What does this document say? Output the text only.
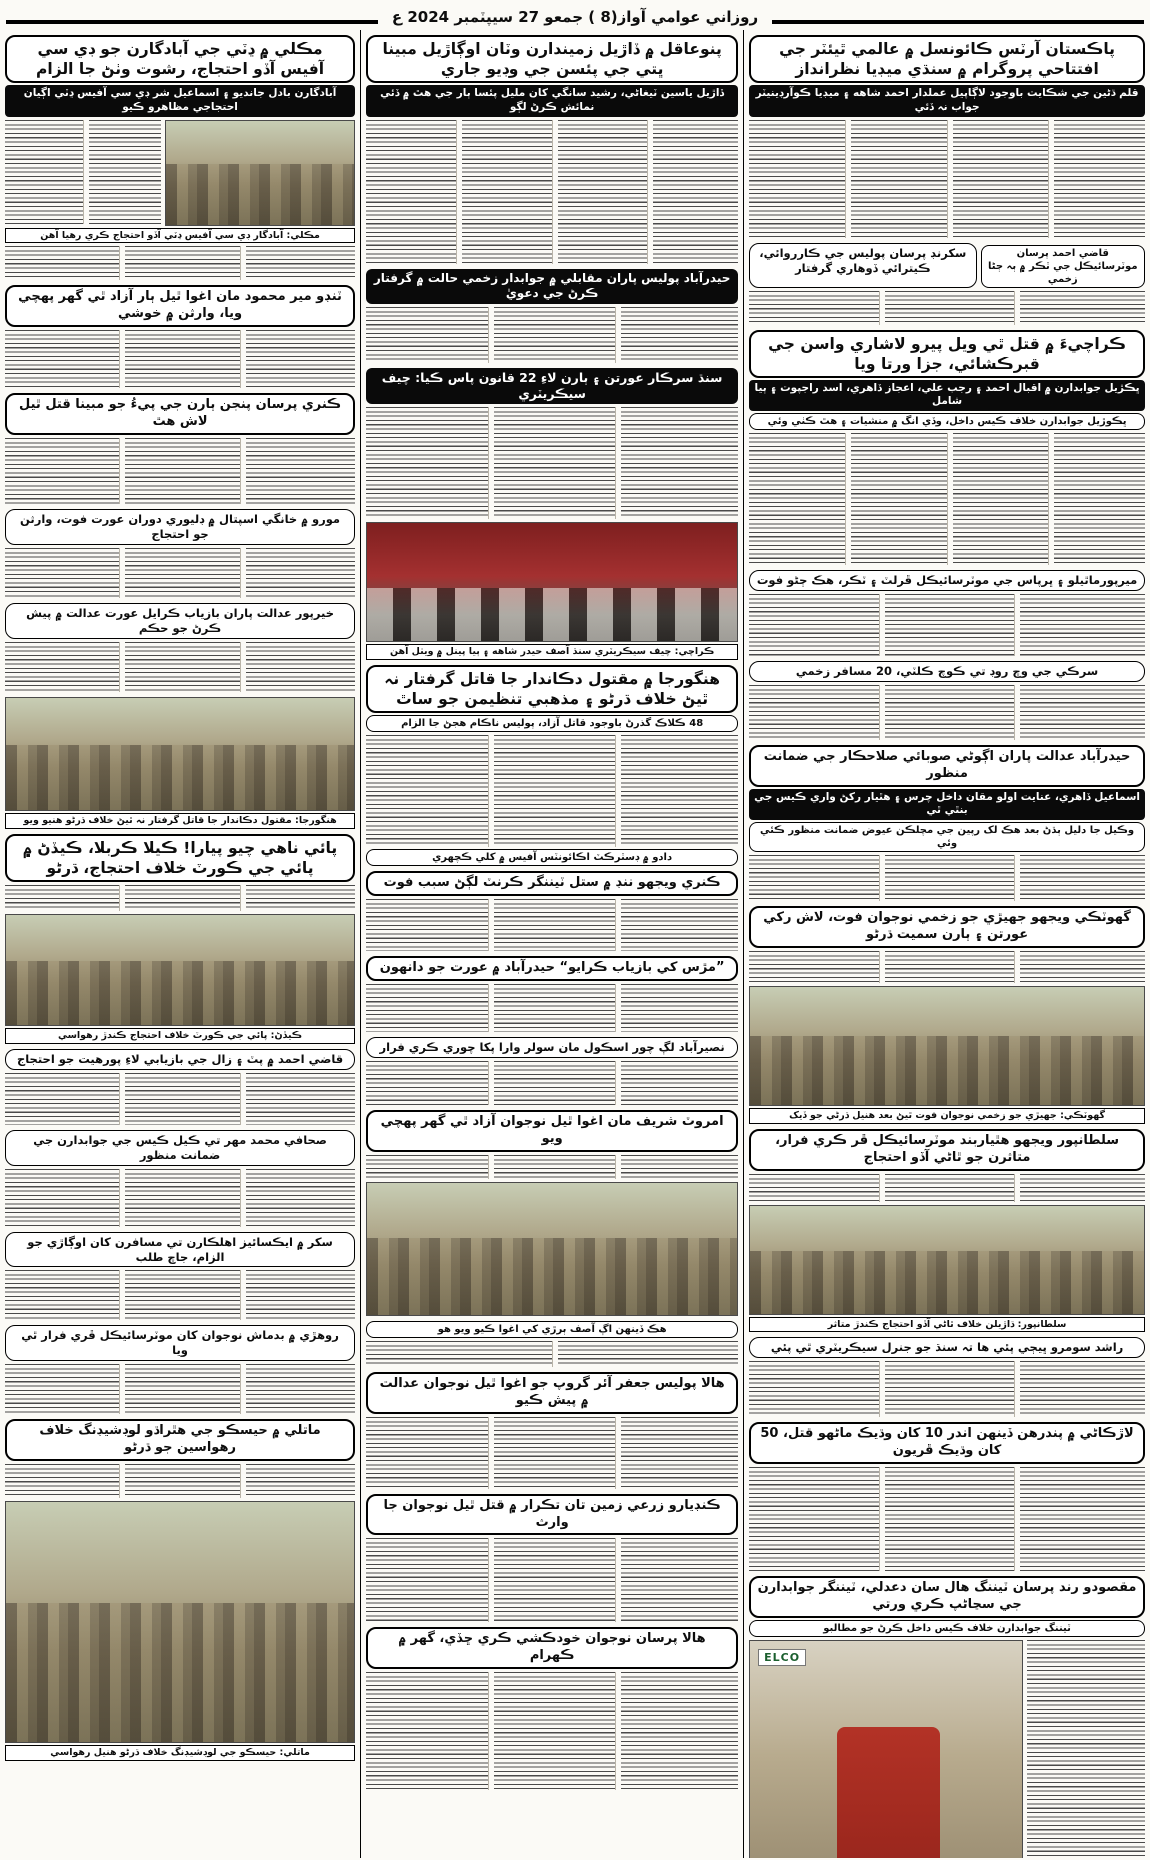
روزاني عوامي آواز(8 ) جمعو 27 سيپٽمبر 2024 ع
پاڪستان آرٽس ڪائونسل ۾ عالمي ٿيئٽر جي افتتاحي پروگرام ۾ سنڌي ميڊيا نظرانداز
قلم ڌڻين جي شڪايت باوجود لاڳاپيل عملدار احمد شاهه ۽ ميڊيا ڪوآرڊينيٽر جواب نہ ڏئي
قاضي احمد پرسان موٽرسائيڪل جي ٽڪر ۾ ٻہ ڄڻا زخمي
سکرنڊ پرسان پوليس جي ڪارروائي، ڪيترائي ڏوهاري گرفتار
ڪراچيءَ ۾ قتل ٿي ويل پيرو لاشاري واسن جي قبرڪشائي، جزا ورتا ويا
ڀڪڙيل جوابدارن ۾ اقبال احمد ۽ رجب علي، اعجاز ڏاهري، اسد راجپوت ۽ ٻيا شامل
ڀڪوڙيل جوابدارن خلاف ڪيس داخل، وڏي انگ ۾ منشيات ۽ هٿ ڪٺي وئي
ميرپورماٿيلو ۽ ڀرپاس جي موٽرسائيڪل ڦرلٽ ۽ ٽڪر، هڪ ڄڻو فوت
سرڪي جي وچ روڊ تي ڪوچ ڪلٽي، 20 مسافر زخمي
حيدرآباد عدالت پاران اڳوڻي صوبائي صلاحڪار جي ضمانت منظور
اسماعيل ڏاهري، عنايت اولو مقان داخل چرس ۽ هٿيار رکڻ واري ڪيس جي بنٿي ٿي
وڪيل جا دليل ٻڌڻ بعد هڪ لک رپين جي مچلڪن عيوض ضمانت منظور ڪئي وئي
گهوٽڪي ويجهو جهيڙي جو زخمي نوجوان فوت، لاش رکي عورتن ۽ ٻارن سميت ڌرڻو
گهوٽڪي: جهيڙي جو زخمي نوجوان فوت ٿيڻ بعد هنيل ڌرڻي جو ڏيک
سلطانپور ويجهو هٿياربند موٽرسائيڪل ڦر ڪري فرار، متاثرن جو ٿاڻي آڏو احتجاج
سلطانپور: ڌاڙيلن خلاف ٿاڻي آڏو احتجاج ڪندڙ متاثر
راشد سومرو ڀيڄي پئي ها تہ سنڌ جو جنرل سيڪريٽري ٿي پئي
لاڙڪاڻي ۾ پندرهن ڏينهن اندر 10 کان وڌيڪ ماڻهو قتل، 50 کان وڌيڪ ڦريون
مقصودو رند پرسان ٽيننگ هال سان دعدلي، ٽيننگر جوابدارن جي سڃاڻپ ڪري ورتي
ٽيننگ جوابدارن خلاف ڪيس داخل ڪرڻ جو مطالبو
ELCO
پنوعاقل ۾ ڏاڙيل زميندارن وٽان اوڳاڙيل مبينا ڀتي جي پئسن جي وڊيو جاري
ڏاڙيل ياسين ٽيغاڻي، رشيد سانگي کان مليل پئسا ٻار جي هٿ ۾ ڏئي نمائش ڪرڻ لڳو
حيدرآباد پوليس پاران مقابلي ۾ جوابدار زخمي حالت ۾ گرفتار ڪرڻ جي دعويٰ
سنڌ سرڪار عورتن ۽ ٻارن لاءِ 22 قانون پاس ڪيا: چيف سيڪريٽري
ڪراچي: چيف سيڪريٽري سنڌ آصف حيدر شاهه ۽ ٻيا پينل ۾ ويٺل آهن
هنگورجا ۾ مقتول دڪاندار جا قاتل گرفتار نہ ٿيڻ خلاف ڌرڻو ۽ مذهبي تنظيمن جو ساٿ
48 ڪلاڪ گذرڻ باوجود قاتل آزاد، پوليس ناڪام هجڻ جا الزام
دادو ۾ ڊسٽرڪٽ اڪائونٽس آفيس ۾ کلي ڪچهري
ڪنري ويجهو ننڊ ۾ ستل ٽيننگر ڪرنٽ لڳڻ سبب فوت
”مڙس کي بازياب ڪرايو“ حيدرآباد ۾ عورت جو دانهون
نصيرآباد لڳ چور اسڪول مان سولر وارا پکا چوري ڪري فرار
امروٽ شريف مان اغوا ٿيل نوجوان آزاد ٿي گهر پهچي ويو
هڪ ڏينهن اڳ آصف ٻرڙي کي اغوا ڪيو ويو هو
هالا پوليس جعفر آئر گروپ جو اغوا ٿيل نوجوان عدالت ۾ پيش ڪيو
ڪنڊيارو زرعي زمين تان تڪرار ۾ قتل ٿيل نوجوان جا وارث
هالا پرسان نوجوان خودڪشي ڪري ڇڏي، گهر ۾ ڪهرام
مڪلي ۾ ڍٽي جي آبادگارن جو ڊي سي آفيس آڏو احتجاج، رشوت وٺڻ جا الزام
آبادگارن بادل جانديو ۽ اسماعيل شر ڊي سي آفيس ڍٽي اڳيان احتجاجي مظاهرو ڪيو
مڪلي: آبادگار ڊي سي آفيس ڍٽي آڏو احتجاج ڪري رهيا آهن
ٽنڊو مير محمود مان اغوا ٿيل ٻار آزاد ٿي گهر پهچي ويا، وارثن ۾ خوشي
ڪنري پرسان پنجن ٻارن جي پيءُ جو مبينا قتل ٿيل لاش هٿ
مورو ۾ خانگي اسپتال ۾ ڊليوري دوران عورت فوت، وارثن جو احتجاج
خيرپور عدالت پاران بازياب ڪرايل عورت عدالت ۾ پيش ڪرڻ جو حڪم
هنگورجا: مقتول دڪاندار جا قاتل گرفتار نہ ٿيڻ خلاف ڌرڻو هنيو ويو
پائي ناهي چيو پيارا! ڪيلا ڪربلا، ڪيڏڻ ۾ پائي جي ڪورٽ خلاف احتجاج، ڌرڻو
ڪيڏڻ: پائي جي ڪورٽ خلاف احتجاج ڪندڙ رهواسي
قاضي احمد ۾ پٽ ۽ زال جي بازيابي لاءِ پورهيت جو احتجاج
صحافي محمد مهر تي ڪيل ڪيس جي جوابدارن جي ضمانت منظور
سکر ۾ ايڪسائيز اهلڪارن تي مسافرن کان اوڳاڙي جو الزام، جاچ طلب
روهڙي ۾ بدماش نوجوان کان موٽرسائيڪل ڦري فرار ٿي ويا
ماتلي ۾ حيسڪو جي هٿراڌو لوڊشيڊنگ خلاف رهواسين جو ڌرڻو
ماتلي: حيسڪو جي لوڊشيڊنگ خلاف ڌرڻو هنيل رهواسي
